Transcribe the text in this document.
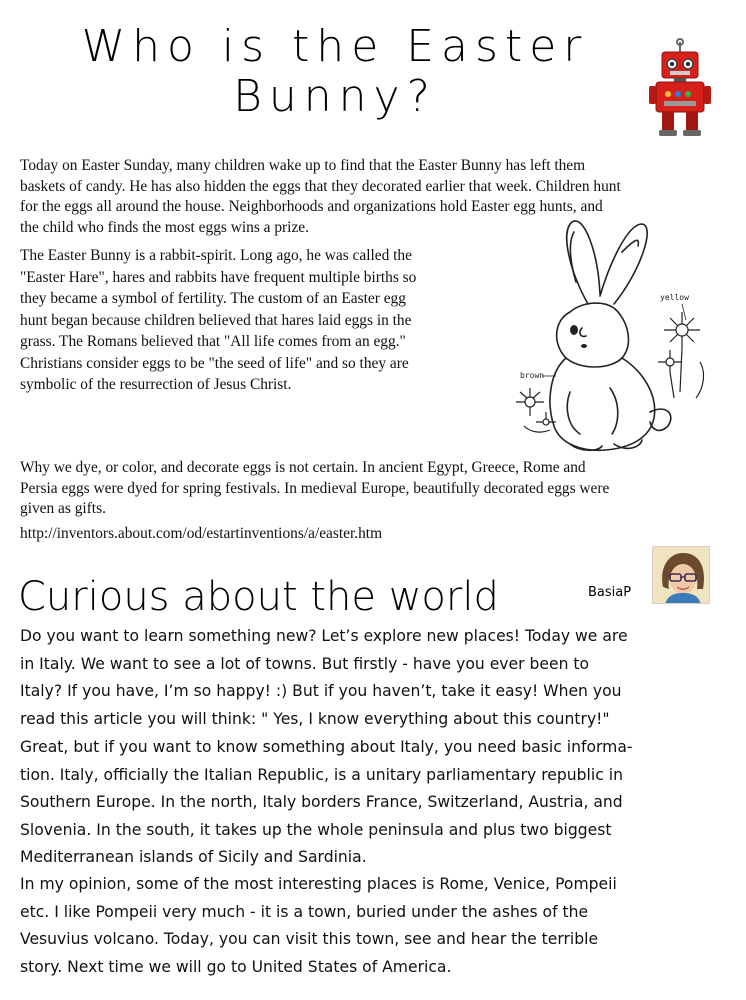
Who is the Easter
Bunny?

Today on Easter Sunday, many children wake up to find that the Easter Bunny has left them
baskets of candy. He has also hidden the eggs that they decorated earlier that week. Children hunt
for the eggs all around the house. Neighborhoods and organizations hold Easter egg hunts, and
the child who finds the most eggs wins a prize.

The Easter Bunny is a rabbit-spirit. Long ago, he was called the
"Easter Hare", hares and rabbits have frequent multiple births so
they became a symbol of fertility. The custom of an Easter egg
hunt began because children believed that hares laid eggs in the
grass. The Romans believed that "All life comes from an egg."
Christians consider eggs to be "the seed of life" and so they are
symbolic of the resurrection of Jesus Christ.

yellow
brown

Why we dye, or color, and decorate eggs is not certain. In ancient Egypt, Greece, Rome and
Persia eggs were dyed for spring festivals. In medieval Europe, beautifully decorated eggs were
given as gifts.

http://inventors.about.com/od/estartinventions/a/easter.htm
Curious about the world	BasiaP

Do you want to learn something new? Let’s explore new places! Today we are
in Italy. We want to see a lot of towns. But firstly - have you ever been to
Italy? If you have, I’m so happy! :) But if you haven’t, take it easy! When you
read this article you will think: " Yes, I know everything about this country!"

Great, but if you want to know something about Italy, you need basic informa-
tion. Italy, officially the Italian Republic, is a unitary parliamentary republic in
Southern Europe. In the north, Italy borders France, Switzerland, Austria, and
Slovenia. In the south, it takes up the whole peninsula and plus two biggest
Mediterranean islands of Sicily and Sardinia.

In my opinion, some of the most interesting places is Rome, Venice, Pompeii
etc. I like Pompeii very much - it is a town, buried under the ashes of the
Vesuvius volcano. Today, you can visit this town, see and hear the terrible
story. Next time we will go to United States of America.
